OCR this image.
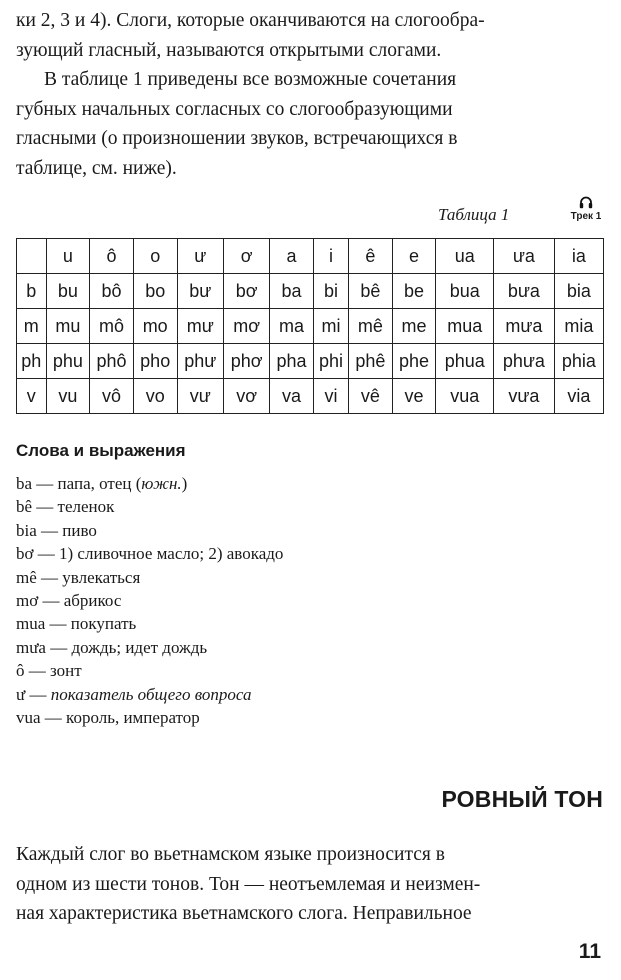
ки 2, 3 и 4). Слоги, которые оканчиваются на слогообра-
зующий гласный, называются открытыми слогами.

В таблице 1 приведены все возможные сочетания
губных начальных согласных со слогообразующими
гласными (о произношении звуков, встречающихся в
таблице, см. ниже).

Таблица 1	Трек 1
	u	ô	o	ư	ơ	a	i	ê	e	ua	ưa	ia
b	bu	bô	bo	bư	bơ	ba	bi	bê	be	bua	bưa	bia
m	mu	mô	mo	mư	mơ	ma	mi	mê	me	mua	mưa	mia
ph	phu	phô	pho	phư	phơ	pha	phi	phê	phe	phua	phưa	phia
v	vu	vô	vo	vư	vơ	va	vi	vê	ve	vua	vưa	via
Слова и выражения
ba — папа, отец (южн.)
bê — теленок
bia — пиво
bơ — 1) сливочное масло; 2) авокадо
mê — увлекаться
mơ — абрикос
mua — покупать
mưa — дождь; идет дождь
ô — зонт
ư — показатель общего вопроса
vua — король, император
РОВНЫЙ ТОН

Каждый слог во вьетнамском языке произносится в
одном из шести тонов. Тон — неотъемлемая и неизмен-
ная характеристика вьетнамского слога. Неправильное

11
